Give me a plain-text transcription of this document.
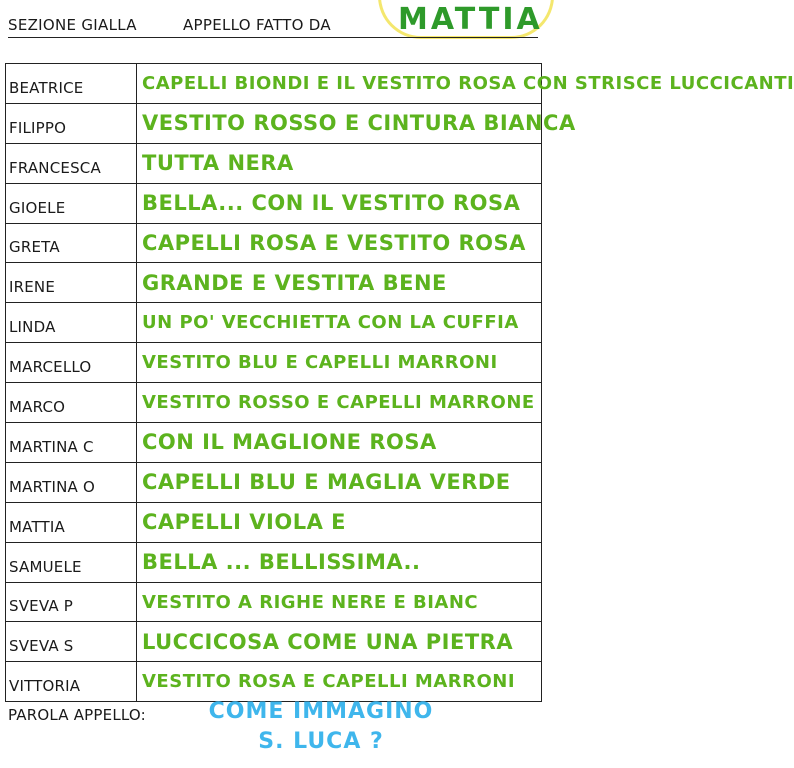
SEZIONE GIALLA	APPELLO FATTO DA MATTIA
BEATRICE	CAPELLI BIONDI E IL VESTITO ROSA CON STRISCE LUCCICANTI
FILIPPO	VESTITO ROSSO E CINTURA BIANCA
FRANCESCA	TUTTA NERA
GIOELE	BELLA... CON IL VESTITO ROSA
GRETA	CAPELLI ROSA E VESTITO ROSA
IRENE	GRANDE E VESTITA BENE
LINDA	UN PO' VECCHIETTA CON LA CUFFIA
MARCELLO	VESTITO BLU E CAPELLI MARRONI
MARCO	VESTITO ROSSO E CAPELLI MARRONE
MARTINA C	CON IL MAGLIONE ROSA
MARTINA O	CAPELLI BLU E MAGLIA VERDE
MATTIA	CAPELLI VIOLA E
SAMUELE	BELLA ... BELLISSIMA..
SVEVA P	VESTITO A RIGHE NERE E BIANC
SVEVA S	LUCCICOSA COME UNA PIETRA
VITTORIA	VESTITO ROSA E CAPELLI MARRONI
PAROLA APPELLO:	COME IMMAGINO
S. LUCA ?
